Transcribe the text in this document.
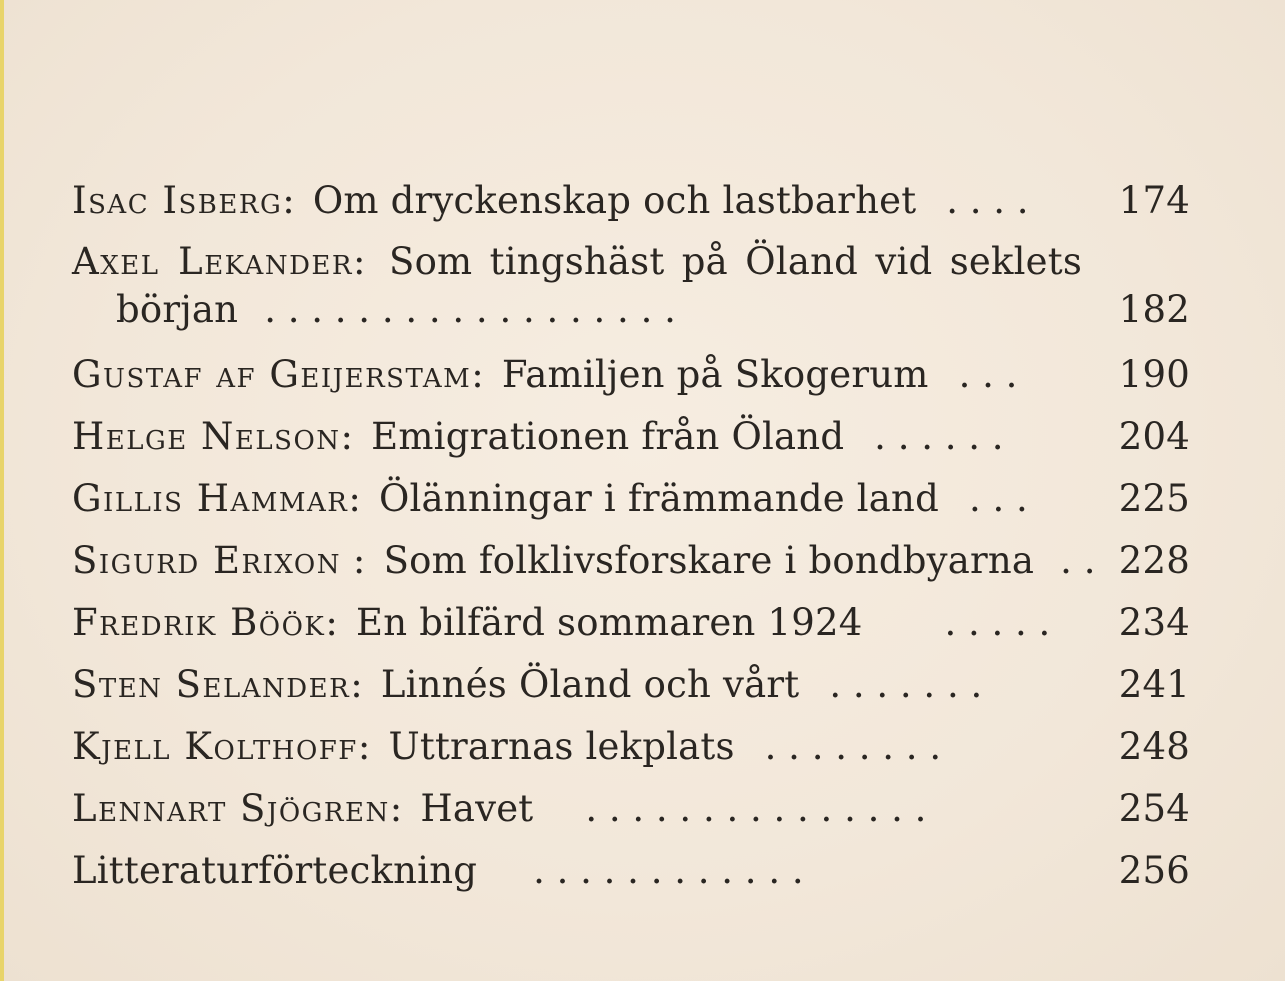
Isac Isberg: Om dryckenskap och lastbarhet . . . . 174
Axel Lekander: Som tingshäst på Öland vid seklets
början . . . . . . . . . . . . . . . . . .	182
Gustaf af Geijerstam: Familjen på Skogerum . . .	190
Helge Nelson: Emigrationen från Öland . . . . . .	204
Gillis Hammar: Ölänningar i främmande land . . . 225
Sigurd Erixon : Som folklivsforskare i bondbyarna . . 228
Fredrik Böök: En bilfärd sommaren 1924 . . . . . 234
Sten Selander: Linnés Öland och vårt . . . . . . .	241
Kjell Kolthoff: Uttrarnas lekplats . . . . . . . .	248
Lennart Sjögren: Havet . . . . . . . . . . . . . . .	254
Litteraturförteckning . . . . . . . . . . . .	256
